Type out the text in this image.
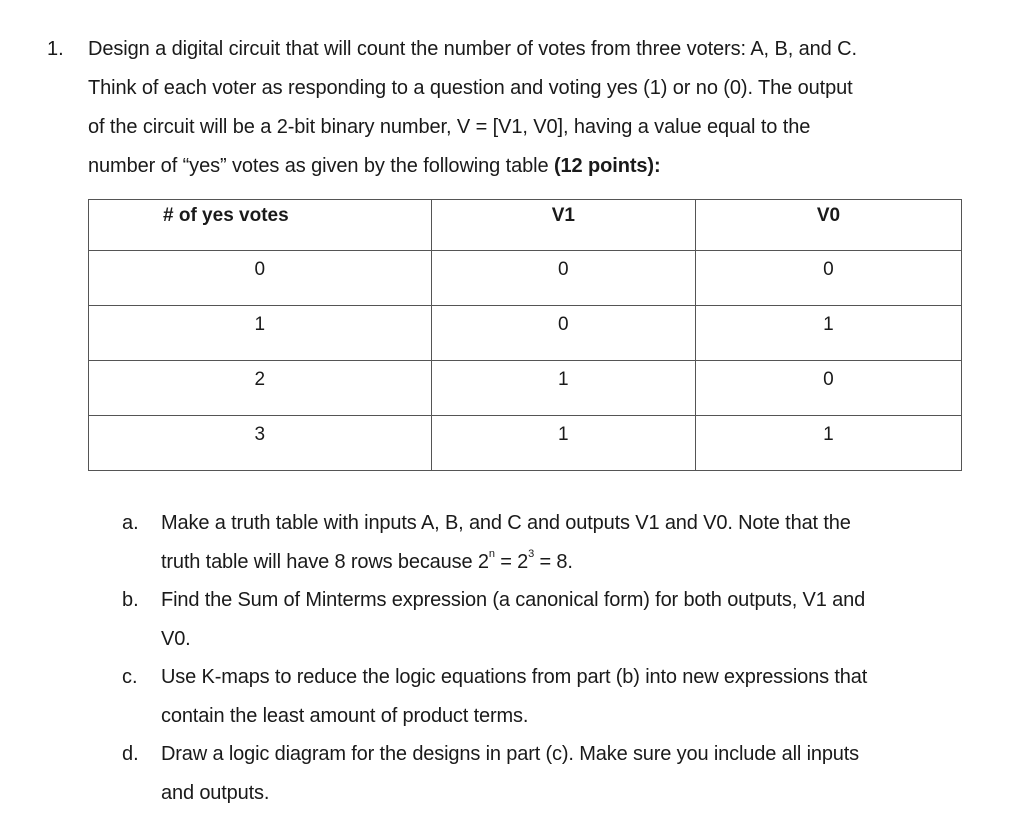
1. Design a digital circuit that will count the number of votes from three voters: A, B, and C.
Think of each voter as responding to a question and voting yes (1) or no (0). The output
of the circuit will be a 2-bit binary number, V = [V1, V0], having a value equal to the
number of “yes” votes as given by the following table (12 points):
# of yes votes	V1	V0
0	0	0
1	0	1
2	1	0
3	1	1
a. Make a truth table with inputs A, B, and C and outputs V1 and V0. Note that the
truth table will have 8 rows because $2^n = 2^3 = 8$.
b. Find the Sum of Minterms expression (a canonical form) for both outputs, V1 and
V0.
c. Use K-maps to reduce the logic equations from part (b) into new expressions that
contain the least amount of product terms.
d. Draw a logic diagram for the designs in part (c). Make sure you include all inputs
and outputs.
